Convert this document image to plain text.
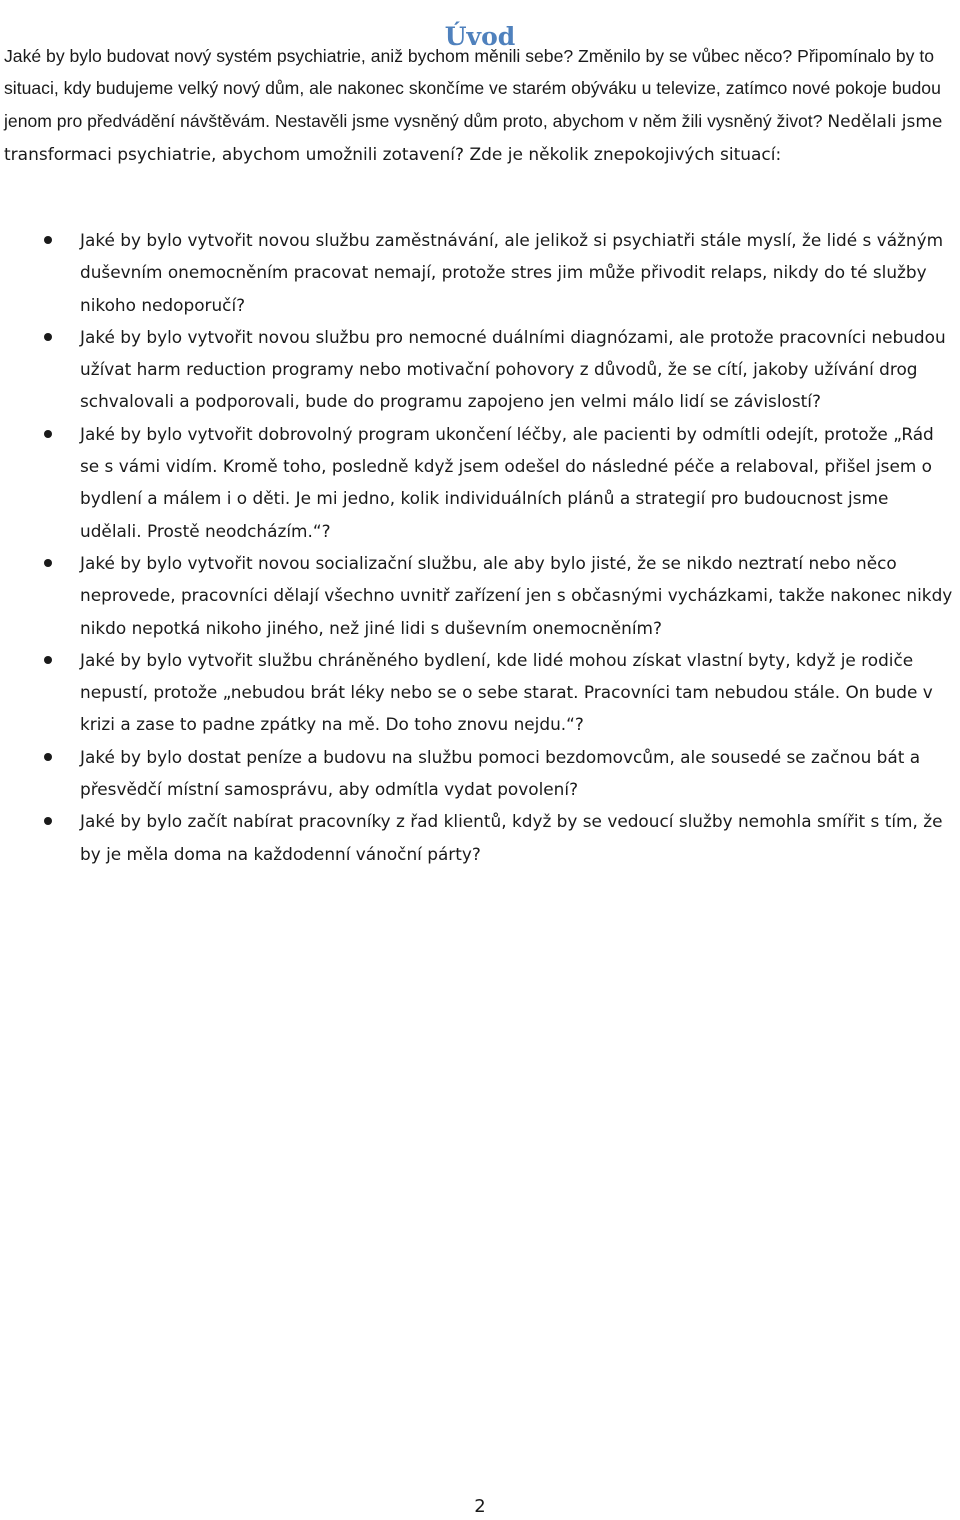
Úvod

Jaké by bylo budovat nový systém psychiatrie, aniž bychom měnili sebe? Změnilo by se vůbec něco? Připomínalo by to situaci, kdy budujeme velký nový dům, ale nakonec skončíme ve starém obýváku u televize, zatímco nové pokoje budou jenom pro předvádění návštěvám. Nestavěli jsme vysněný dům proto, abychom v něm žili vysněný život? Nedělali jsme transformaci psychiatrie, abychom umožnili zotavení? Zde je několik znepokojivých situací:

Jaké by bylo vytvořit novou službu zaměstnávání, ale jelikož si psychiatři stále myslí, že lidé s vážným duševním onemocněním pracovat nemají, protože stres jim může přivodit relaps, nikdy do té služby nikoho nedoporučí?
Jaké by bylo vytvořit novou službu pro nemocné duálními diagnózami, ale protože pracovníci nebudou užívat harm reduction programy nebo motivační pohovory z důvodů, že se cítí, jakoby užívání drog schvalovali a podporovali, bude do programu zapojeno jen velmi málo lidí se závislostí?
Jaké by bylo vytvořit dobrovolný program ukončení léčby, ale pacienti by odmítli odejít, protože „Rád se s vámi vidím. Kromě toho, posledně když jsem odešel do následné péče a relaboval, přišel jsem o bydlení a málem i o děti. Je mi jedno, kolik individuálních plánů a strategií pro budoucnost jsme udělali. Prostě neodcházím.“?
Jaké by bylo vytvořit novou socializační službu, ale aby bylo jisté, že se nikdo neztratí nebo něco neprovede, pracovníci dělají všechno uvnitř zařízení jen s občasnými vycházkami, takže nakonec nikdy nikdo nepotká nikoho jiného, než jiné lidi s duševním onemocněním?
Jaké by bylo vytvořit službu chráněného bydlení, kde lidé mohou získat vlastní byty, když je rodiče nepustí, protože „nebudou brát léky nebo se o sebe starat. Pracovníci tam nebudou stále. On bude v krizi a zase to padne zpátky na mě. Do toho znovu nejdu.“?
Jaké by bylo dostat peníze a budovu na službu pomoci bezdomovcům, ale sousedé se začnou bát a přesvědčí místní samosprávu, aby odmítla vydat povolení?
Jaké by bylo začít nabírat pracovníky z řad klientů, když by se vedoucí služby nemohla smířit s tím, že by je měla doma na každodenní vánoční párty?
2
